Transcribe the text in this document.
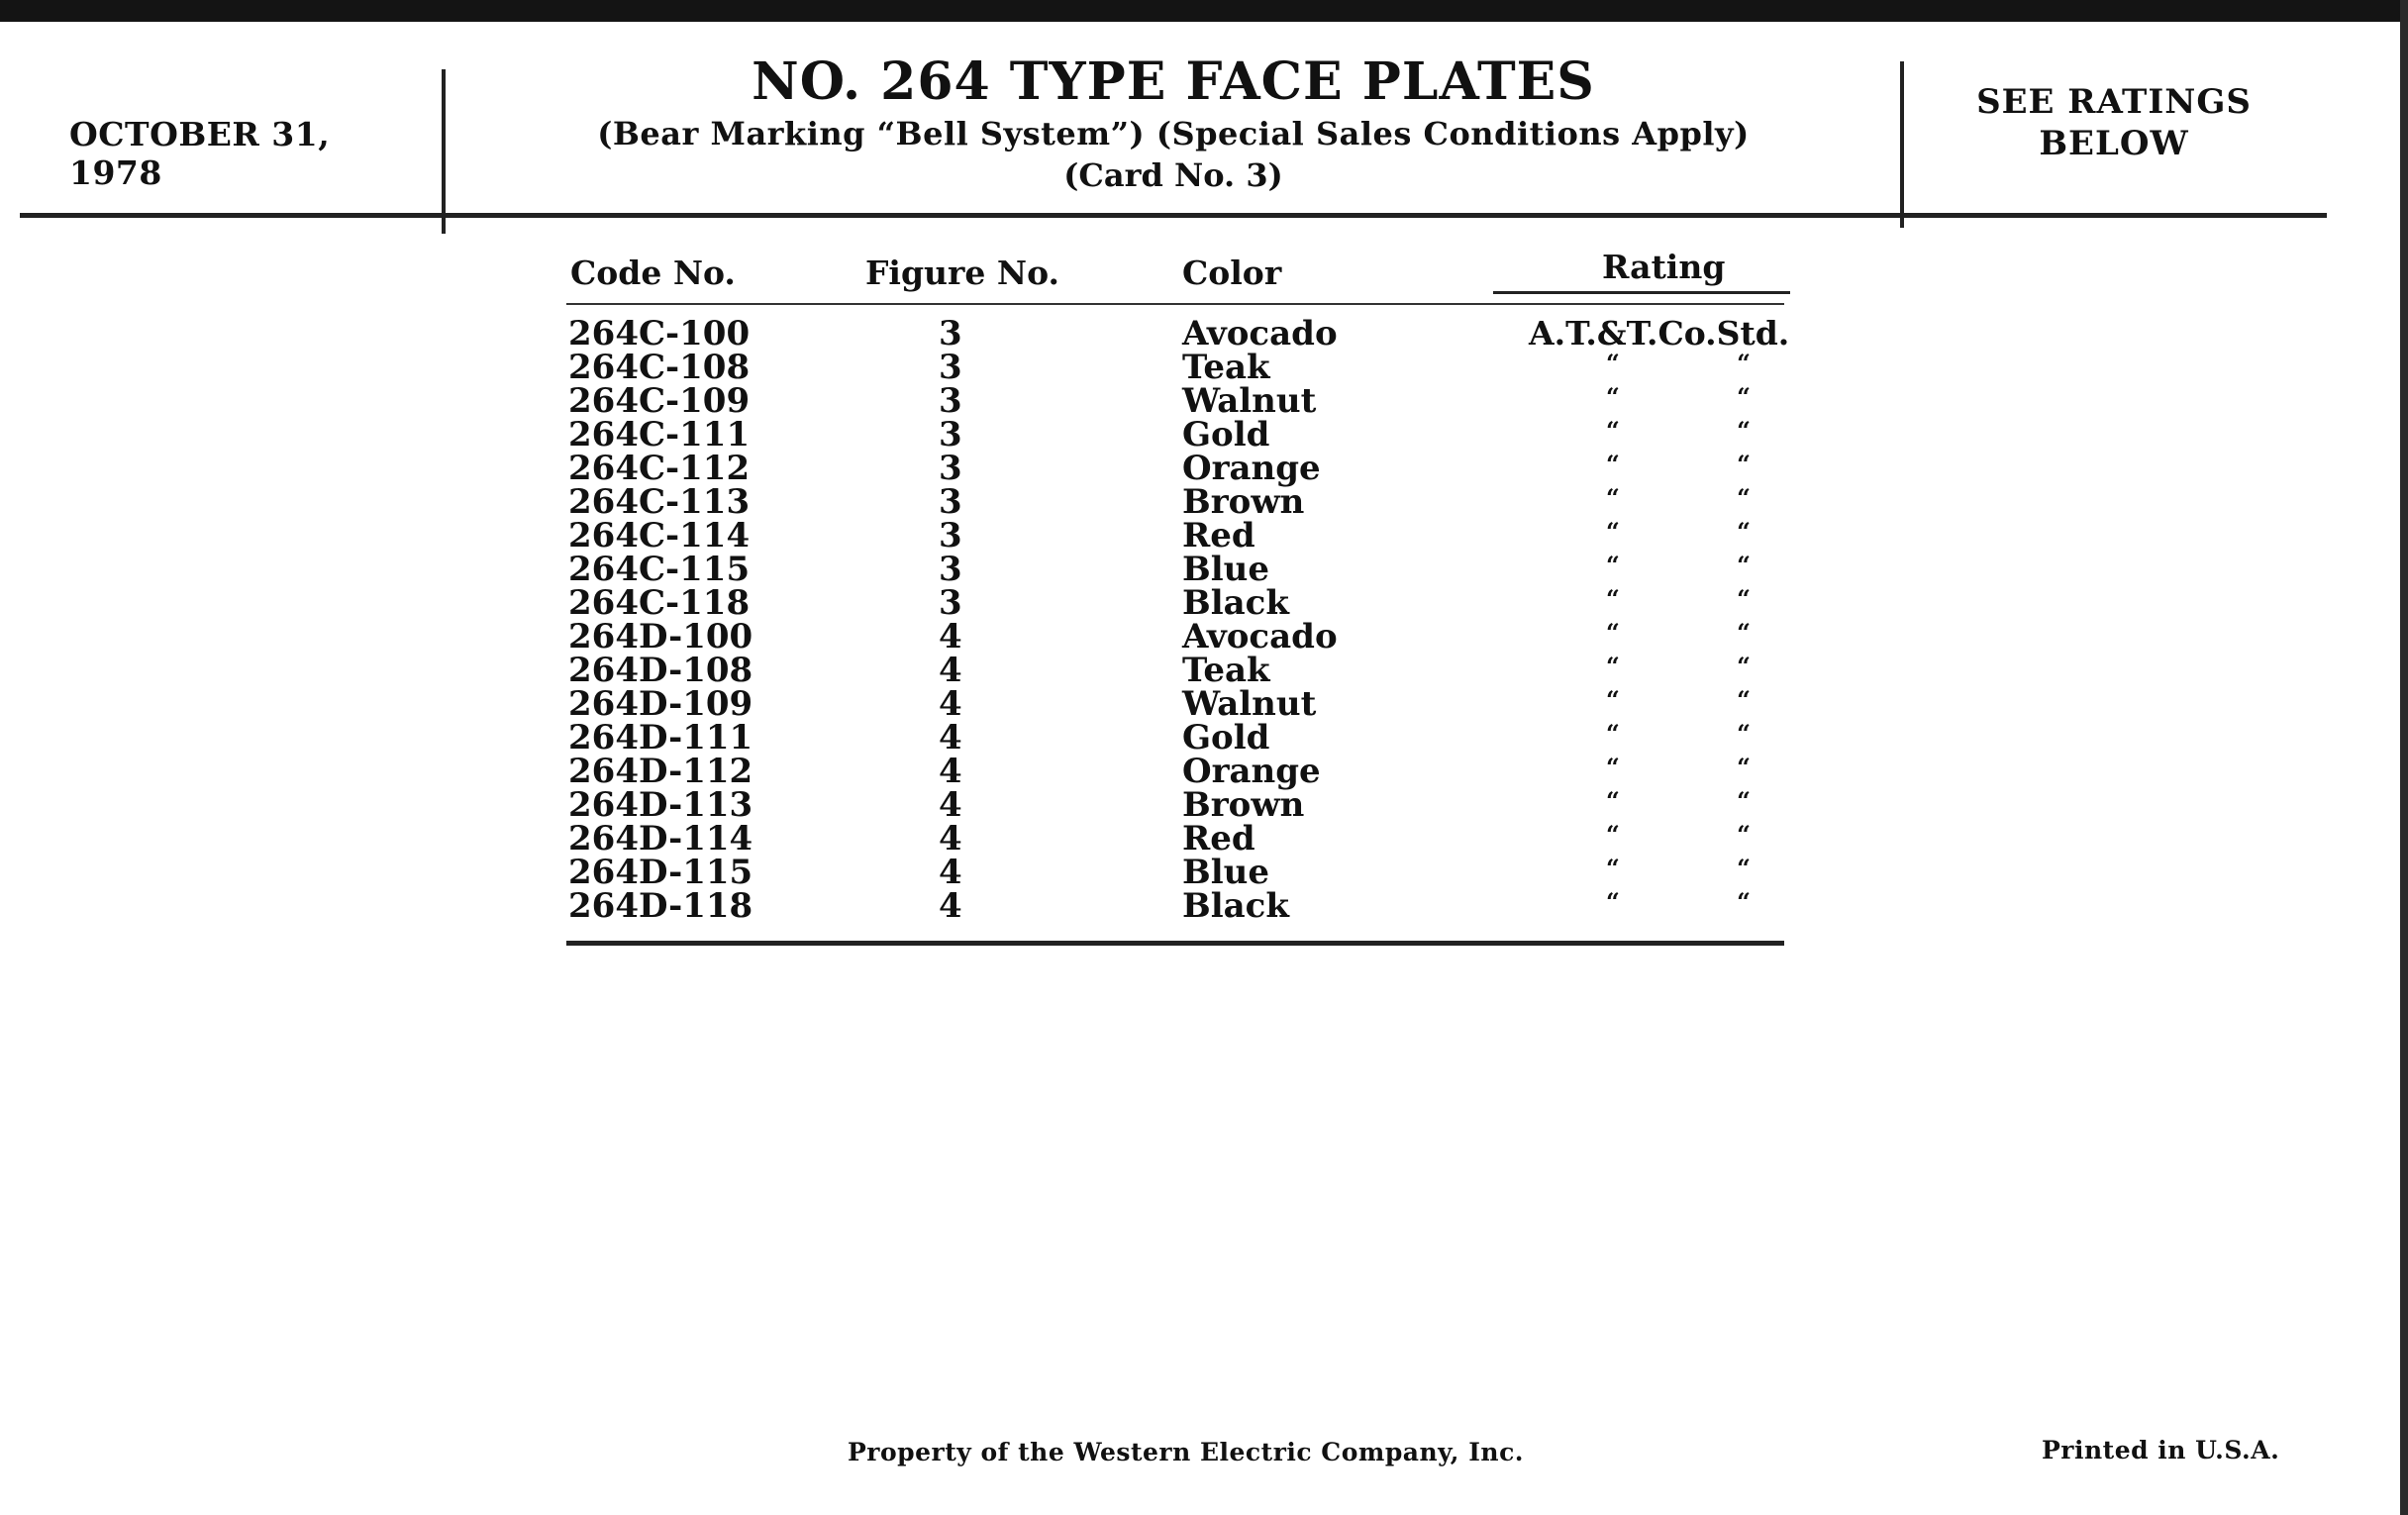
OCTOBER 31, 1978
NO. 264 TYPE FACE PLATES
(Bear Marking “Bell System”) (Special Sales Conditions Apply)
(Card No. 3)
SEE RATINGS
BELOW
Code No.	Figure No.	Color	Rating
264C-100	3	Avocado	A.T.&T.Co.Std.
264C-108	3	Teak	“ “
264C-109	3	Walnut	“ “
264C-111	3	Gold	“ “
264C-112	3	Orange	“ “
264C-113	3	Brown	“ “
264C-114	3	Red	“ “
264C-115	3	Blue	“ “
264C-118	3	Black	“ “
264D-100	4	Avocado	“ “
264D-108	4	Teak	“ “
264D-109	4	Walnut	“ “
264D-111	4	Gold	“ “
264D-112	4	Orange	“ “
264D-113	4	Brown	“ “
264D-114	4	Red	“ “
264D-115	4	Blue	“ “
264D-118	4	Black	“ “
Property of the Western Electric Company, Inc.	Printed in U.S.A.
